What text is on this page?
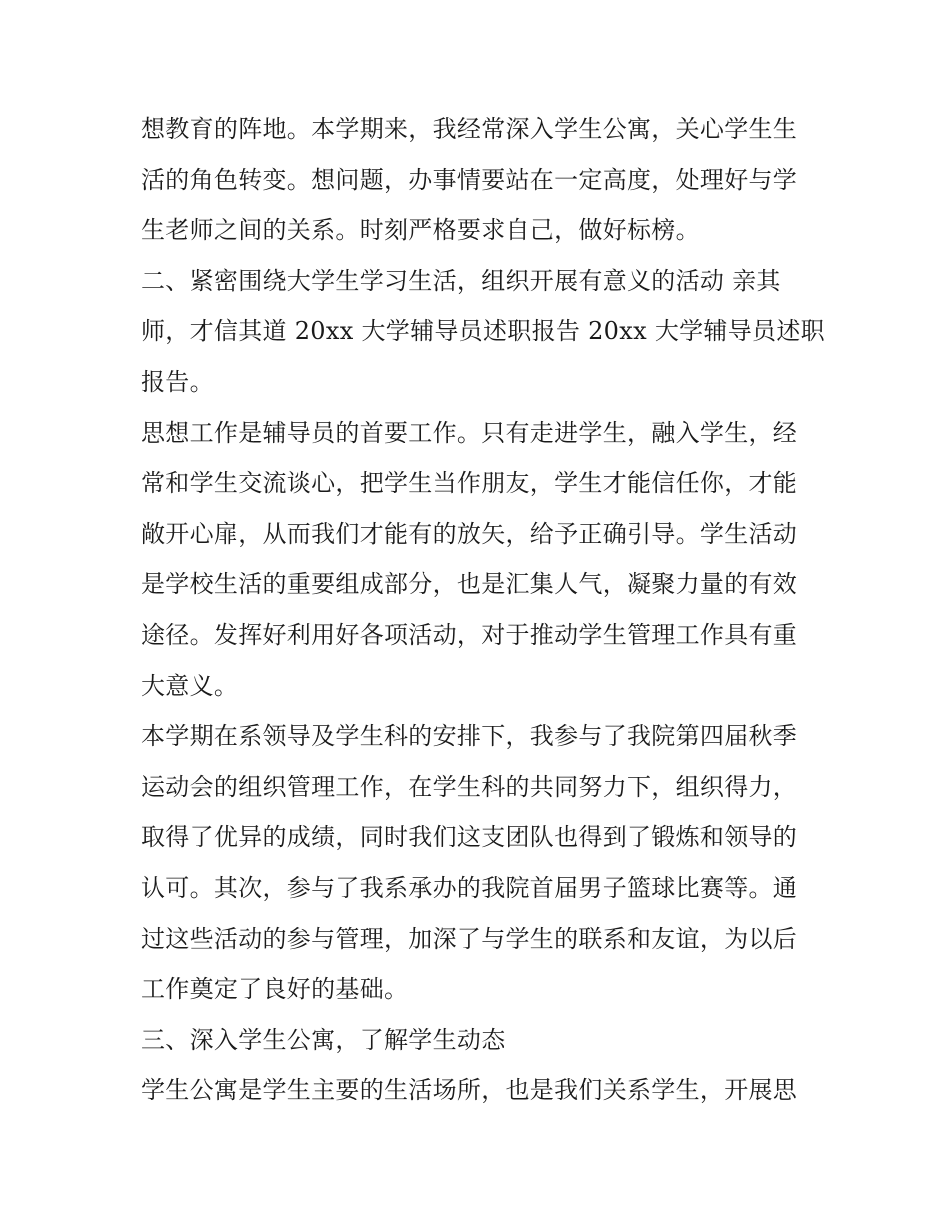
想教育的阵地。本学期来，我经常深入学生公寓，关心学生生
活的角色转变。想问题，办事情要站在一定高度，处理好与学
生老师之间的关系。时刻严格要求自己，做好标榜。
二、紧密围绕大学生学习生活，组织开展有意义的活动 亲其
师，才信其道 20xx 大学辅导员述职报告 20xx 大学辅导员述职
报告。
思想工作是辅导员的首要工作。只有走进学生，融入学生，经
常和学生交流谈心，把学生当作朋友，学生才能信任你，才能
敞开心扉，从而我们才能有的放矢，给予正确引导。学生活动
是学校生活的重要组成部分，也是汇集人气，凝聚力量的有效
途径。发挥好利用好各项活动，对于推动学生管理工作具有重
大意义。
本学期在系领导及学生科的安排下，我参与了我院第四届秋季
运动会的组织管理工作，在学生科的共同努力下，组织得力，
取得了优异的成绩，同时我们这支团队也得到了锻炼和领导的
认可。其次，参与了我系承办的我院首届男子篮球比赛等。通
过这些活动的参与管理，加深了与学生的联系和友谊，为以后
工作奠定了良好的基础。
三、深入学生公寓，了解学生动态
学生公寓是学生主要的生活场所，也是我们关系学生，开展思
